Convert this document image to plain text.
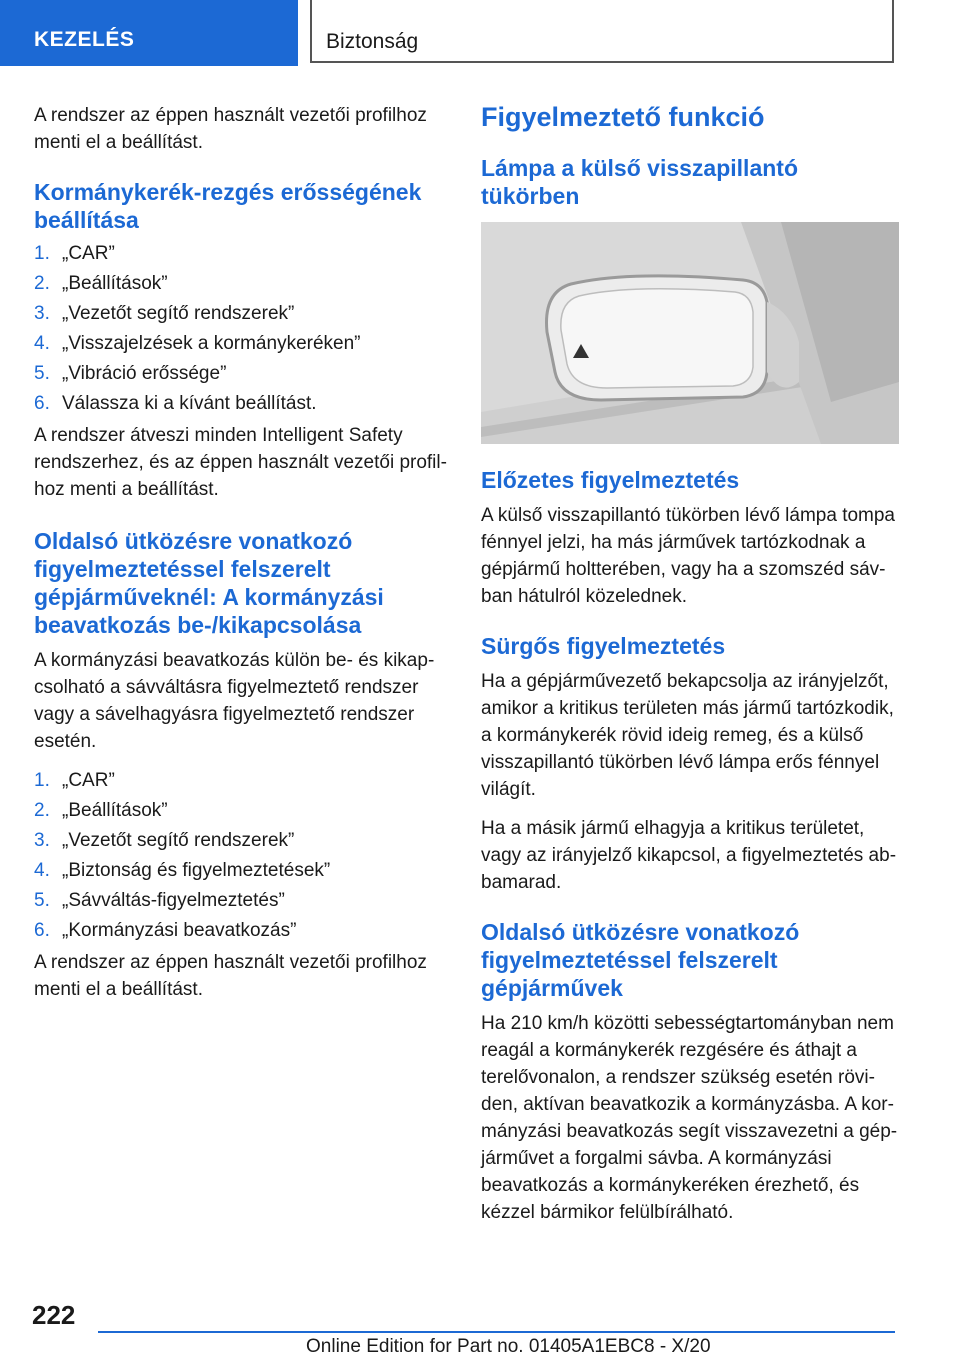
KEZELÉS	Biztonság

A rendszer az éppen használt vezetői profilhoz menti el a beállítást.

Kormánykerék-rezgés erősségének beállítása
1. „CAR”
2. „Beállítások”
3. „Vezetőt segítő rendszerek”
4. „Visszajelzések a kormánykeréken”
5. „Vibráció erőssége”
6. Válassza ki a kívánt beállítást.

A rendszer átveszi minden Intelligent Safety rendszerhez, és az éppen használt vezetői profilhoz menti a beállítást.

Oldalsó ütközésre vonatkozó figyelmeztetéssel felszerelt gépjárműveknél: A kormányzási beavatkozás be-/kikapcsolása

A kormányzási beavatkozás külön be- és kikapcsolható a sávváltásra figyelmeztető rendszer vagy a sávelhagyásra figyelmeztető rendszer esetén.

1. „CAR”
2. „Beállítások”
3. „Vezetőt segítő rendszerek”
4. „Biztonság és figyelmeztetések”
5. „Sávváltás-figyelmeztetés”
6. „Kormányzási beavatkozás”

A rendszer az éppen használt vezetői profilhoz menti el a beállítást.

Figyelmeztető funkció
Lámpa a külső visszapillantó tükörben
Előzetes figyelmeztetés

A külső visszapillantó tükörben lévő lámpa tompa fénnyel jelzi, ha más járművek tartózkodnak a gépjármű holtterében, vagy ha a szomszéd sávban hátulról közelednek.

Sürgős figyelmeztetés

Ha a gépjárművezető bekapcsolja az irányjelzőt, amikor a kritikus területen más jármű tartózkodik, a kormánykerék rövid ideig remeg, és a külső visszapillantó tükörben lévő lámpa erős fénnyel világít.

Ha a másik jármű elhagyja a kritikus területet, vagy az irányjelző kikapcsol, a figyelmeztetés abbamarad.

Oldalsó ütközésre vonatkozó figyelmeztetéssel felszerelt gépjárművek

Ha 210 km/h közötti sebességtartományban nem reagál a kormánykerék rezgésére és áthajt a terelővonalon, a rendszer szükség esetén röviden, aktívan beavatkozik a kormányzásba. A kormányzási beavatkozás segít visszavezetni a gépjárművet a forgalmi sávba. A kormányzási beavatkozás a kormánykeréken érezhető, és kézzel bármikor felülbírálható.

222
Online Edition for Part no. 01405A1EBC8 - X/20
